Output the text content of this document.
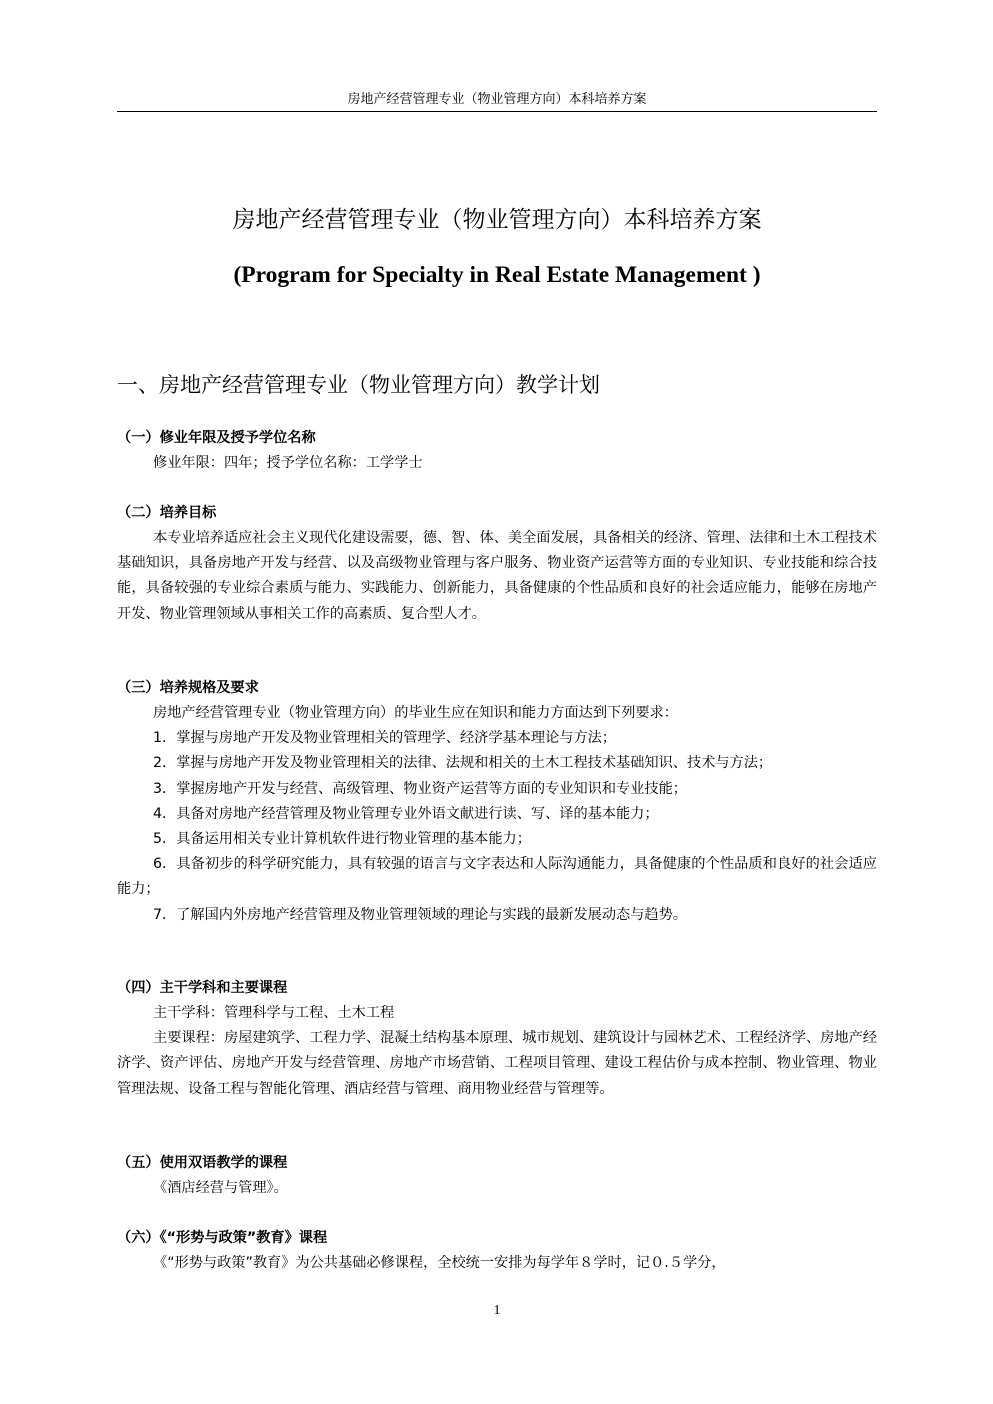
房地产经营管理专业（物业管理方向）本科培养方案
房地产经营管理专业（物业管理方向）本科培养方案
(Program for Specialty in Real Estate Management )
一、房地产经营管理专业（物业管理方向）教学计划
（一）修业年限及授予学位名称
修业年限：四年；授予学位名称：工学学士
（二）培养目标
本专业培养适应社会主义现代化建设需要，德、智、体、美全面发展，具备相关的经济、管理、法律和土木工程技术基础知识，具备房地产开发与经营、以及高级物业管理与客户服务、物业资产运营等方面的专业知识、专业技能和综合技能，具备较强的专业综合素质与能力、实践能力、创新能力，具备健康的个性品质和良好的社会适应能力，能够在房地产开发、物业管理领域从事相关工作的高素质、复合型人才。
（三）培养规格及要求
房地产经营管理专业（物业管理方向）的毕业生应在知识和能力方面达到下列要求：
1．掌握与房地产开发及物业管理相关的管理学、经济学基本理论与方法；
2．掌握与房地产开发及物业管理相关的法律、法规和相关的土木工程技术基础知识、技术与方法；
3．掌握房地产开发与经营、高级管理、物业资产运营等方面的专业知识和专业技能；
4．具备对房地产经营管理及物业管理专业外语文献进行读、写、译的基本能力；
5．具备运用相关专业计算机软件进行物业管理的基本能力；
6．具备初步的科学研究能力，具有较强的语言与文字表达和人际沟通能力，具备健康的个性品质和良好的社会适应能力；
7．了解国内外房地产经营管理及物业管理领域的理论与实践的最新发展动态与趋势。
（四）主干学科和主要课程
主干学科：管理科学与工程、土木工程
主要课程：房屋建筑学、工程力学、混凝土结构基本原理、城市规划、建筑设计与园林艺术、工程经济学、房地产经济学、资产评估、房地产开发与经营管理、房地产市场营销、工程项目管理、建设工程估价与成本控制、物业管理、物业管理法规、设备工程与智能化管理、酒店经营与管理、商用物业经营与管理等。
（五）使用双语教学的课程
《酒店经营与管理》。
（六）《“形势与政策”教育》课程
《“形势与政策”教育》为公共基础必修课程，全校统一安排为每学年８学时，记０.５学分，
1
